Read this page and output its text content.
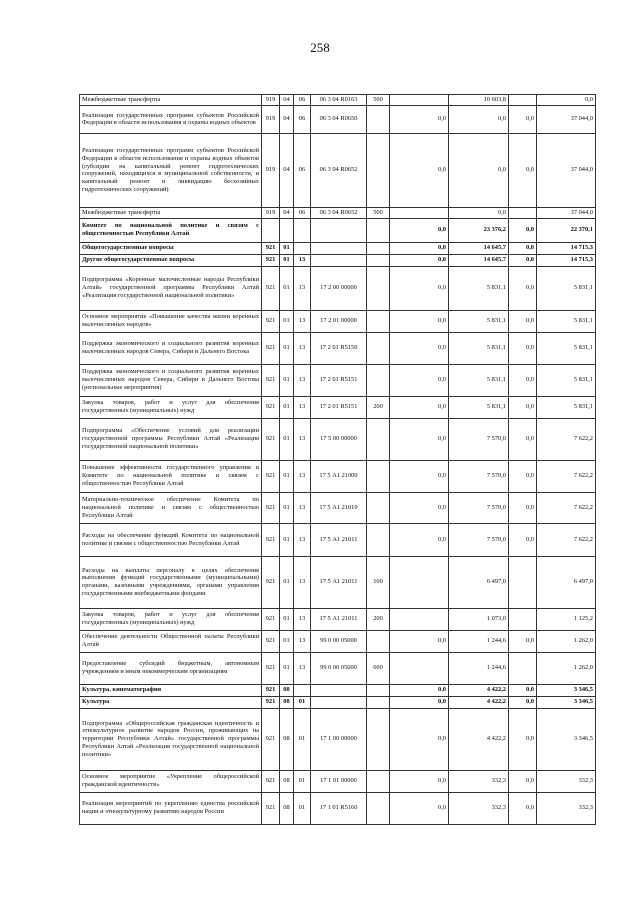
258
Межбюджетные трансферты	919	04	06	06 3 04 R0163	500		10 603,8		0,0
Реализация государственных программ субъектов Российской Федерации в области использования и охраны водных объектов	919	04	06	06 3 04 R0650		0,0	0,0	0,0	37 044,0
Реализация государственных программ субъектов Российской Федерации в области использования и охраны водных объектов (субсидии на капитальный ремонт гидротехнических сооружений, находящихся в муниципальной собственности, и капитальный ремонт и ликвидацию бесхозяйных гидротехнических сооружений)	919	04	06	06 3 04 R0652		0,0	0,0	0,0	37 044,0
Межбюджетные трансферты	919	04	06	06 3 04 R0652	500		0,0		37 044,0
Комитет по национальной политике и связям с общественностью Республики Алтай						0,0	23 376,2	0,0	22 370,1
Общегосударственные вопросы	921	01				0,0	14 645,7	0,0	14 715,3
Другие общегосударственные вопросы	921	01	13			0,0	14 645,7	0,0	14 715,3
Подпрограмма «Коренные малочисленные народы Республики Алтай» государственной программы Республики Алтай «Реализация государственной национальной политики»	921	01	13	17 2 00 00000		0,0	5 831,1	0,0	5 831,1
Основное мероприятие «Повышение качества жизни коренных малочисленных народов»	921	01	13	17 2 01 00000		0,0	5 831,1	0,0	5 831,1
Поддержка экономического и социального развития коренных малочисленных народов Севера, Сибири и Дальнего Востока	921	01	13	17 2 01 R5150		0,0	5 831,1	0,0	5 831,1
Поддержка экономического и социального развития коренных малочисленных народов Севера, Сибири и Дальнего Востока (региональные мероприятия)	921	01	13	17 2 01 R5151		0,0	5 831,1	0,0	5 831,1
Закупка товаров, работ и услуг для обеспечения государственных (муниципальных) нужд	921	01	13	17 2 01 R5151	200	0,0	5 831,1	0,0	5 831,1
Подпрограмма «Обеспечение условий для реализации государственной программы Республики Алтай «Реализация государственной национальной политики»	921	01	13	17 5 00 00000		0,0	7 570,0	0,0	7 622,2
Повышение эффективности государственного управления в Комитете по национальной политике и связям с общественностью Республики Алтай	921	01	13	17 5 А1 21000		0,0	7 570,0	0,0	7 622,2
Материально-техническое обеспечение Комитета по национальной политике и связям с общественностью Республики Алтай	921	01	13	17 5 А1 21010		0,0	7 570,0	0,0	7 622,2
Расходы на обеспечение функций Комитета по национальной политике и связям с общественностью Республики Алтай	921	01	13	17 5 А1 21011		0,0	7 570,0	0,0	7 622,2
Расходы на выплаты персоналу в целях обеспечения выполнения функций государственными (муниципальными) органами, казенными учреждениями, органами управления государственными внебюджетными фондами	921	01	13	17 5 А1 21011	100		6 497,0		6 497,0
Закупка товаров, работ и услуг для обеспечения государственных (муниципальных) нужд	921	01	13	17 5 А1 21011	200		1 073,0		1 125,2
Обеспечение деятельности Общественной палаты Республики Алтай	921	01	13	99 0 00 05000		0,0	1 244,6	0,0	1 262,0
Предоставление субсидий бюджетным, автономным учреждениям и иным некоммерческим организациям	921	01	13	99 0 00 05000	600		1 244,6		1 262,0
Культура, кинематография	921	08				0,0	4 422,2	0,0	3 346,5
Культура	921	08	01			0,0	4 422,2	0,0	3 346,5
Подпрограмма «Общероссийская гражданская идентичность и этнокультурное развитие народов России, проживающих на территории Республики Алтай» государственной программы Республики Алтай «Реализация государственной национальной политики»	921	08	01	17 1 00 00000		0,0	4 422,2	0,0	3 346,5
Основное мероприятие «Укрепление общероссийской гражданской идентичности»	921	08	01	17 1 01 00000		0,0	332,3	0,0	332,3
Реализация мероприятий по укреплению единства российской нации и этнокультурному развитию народов России	921	08	01	17 1 01 R5160		0,0	332,3	0,0	332,3
